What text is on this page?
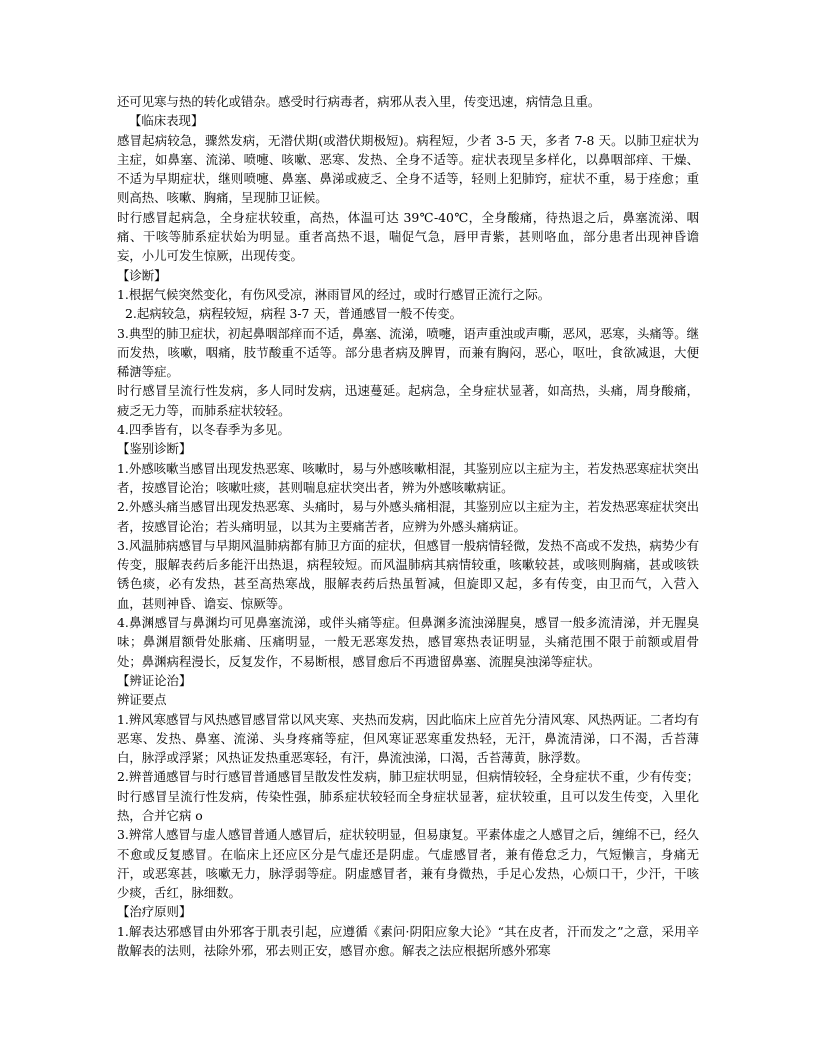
还可见寒与热的转化或错杂。感受时行病毒者，病邪从表入里，传变迅速，病情急且重。

【临床表现】

感冒起病较急，骤然发病，无潜伏期(或潜伏期极短)。病程短，少者 3-5 天，多者 7-8 天。以肺卫症状为主症，如鼻塞、流涕、喷嚏、咳嗽、恶寒、发热、全身不适等。症状表现呈多样化，以鼻咽部痒、干燥、不适为早期症状，继则喷嚏、鼻塞、鼻涕或疲乏、全身不适等，轻则上犯肺窍，症状不重，易于痊愈；重则高热、咳嗽、胸痛，呈现肺卫证候。

时行感冒起病急，全身症状较重，高热，体温可达 39℃-40℃，全身酸痛，待热退之后，鼻塞流涕、咽痛、干咳等肺系症状始为明显。重者高热不退，喘促气急，唇甲青紫，甚则咯血，部分患者出现神昏谵妄，小儿可发生惊厥，出现传变。

【诊断】

1.根据气候突然变化，有伤风受凉，淋雨冒风的经过，或时行感冒正流行之际。

2.起病较急，病程较短，病程 3-7 天，普通感冒一般不传变。

3.典型的肺卫症状，初起鼻咽部痒而不适，鼻塞、流涕，喷嚏，语声重浊或声嘶，恶风，恶寒，头痛等。继而发热，咳嗽，咽痛，肢节酸重不适等。部分患者病及脾胃，而兼有胸闷，恶心，呕吐，食欲减退，大便稀溏等症。

时行感冒呈流行性发病，多人同时发病，迅速蔓延。起病急，全身症状显著，如高热，头痛，周身酸痛，疲乏无力等，而肺系症状较轻。

4.四季皆有，以冬春季为多见。

【鉴别诊断】

1.外感咳嗽当感冒出现发热恶寒、咳嗽时，易与外感咳嗽相混，其鉴别应以主症为主，若发热恶寒症状突出者，按感冒论治；咳嗽吐痰，甚则喘息症状突出者，辨为外感咳嗽病证。

2.外感头痛当感冒出现发热恶寒、头痛时，易与外感头痛相混，其鉴别应以主症为主，若发热恶寒症状突出者，按感冒论治；若头痛明显，以其为主要痛苦者，应辨为外感头痛病证。

3.风温肺病感冒与早期风温肺病都有肺卫方面的症状，但感冒一般病情轻微，发热不高或不发热，病势少有传变，服解表药后多能汗出热退，病程较短。而风温肺病其病情较重，咳嗽较甚，或咳则胸痛，甚或咳铁锈色痰，必有发热，甚至高热寒战，服解表药后热虽暂减，但旋即又起，多有传变，由卫而气，入营入血，甚则神昏、谵妄、惊厥等。

4.鼻渊感冒与鼻渊均可见鼻塞流涕，或伴头痛等症。但鼻渊多流浊涕腥臭，感冒一般多流清涕，并无腥臭味；鼻渊眉额骨处胀痛、压痛明显，一般无恶寒发热，感冒寒热表证明显，头痛范围不限于前额或眉骨处；鼻渊病程漫长，反复发作，不易断根，感冒愈后不再遗留鼻塞、流腥臭浊涕等症状。

【辨证论治】

辨证要点

1.辨风寒感冒与风热感冒感冒常以风夹寒、夹热而发病，因此临床上应首先分清风寒、风热两证。二者均有恶寒、发热、鼻塞、流涕、头身疼痛等症，但风寒证恶寒重发热轻，无汗，鼻流清涕，口不渴，舌苔薄白，脉浮或浮紧；风热证发热重恶寒轻，有汗，鼻流浊涕，口渴，舌苔薄黄，脉浮数。

2.辨普通感冒与时行感冒普通感冒呈散发性发病，肺卫症状明显，但病情较轻，全身症状不重，少有传变；时行感冒呈流行性发病，传染性强，肺系症状较轻而全身症状显著，症状较重，且可以发生传变，入里化热，合并它病 o

3.辨常人感冒与虚人感冒普通人感冒后，症状较明显，但易康复。平素体虚之人感冒之后，缠绵不已，经久不愈或反复感冒。在临床上还应区分是气虚还是阴虚。气虚感冒者，兼有倦怠乏力，气短懒言，身痛无汗，或恶寒甚，咳嗽无力，脉浮弱等症。阴虚感冒者，兼有身微热，手足心发热，心烦口干，少汗，干咳少痰，舌红，脉细数。

【治疗原则】

1.解表达邪感冒由外邪客于肌表引起，应遵循《素问·阴阳应象大论》“其在皮者，汗而发之”之意，采用辛散解表的法则，祛除外邪，邪去则正安，感冒亦愈。解表之法应根据所感外邪寒
